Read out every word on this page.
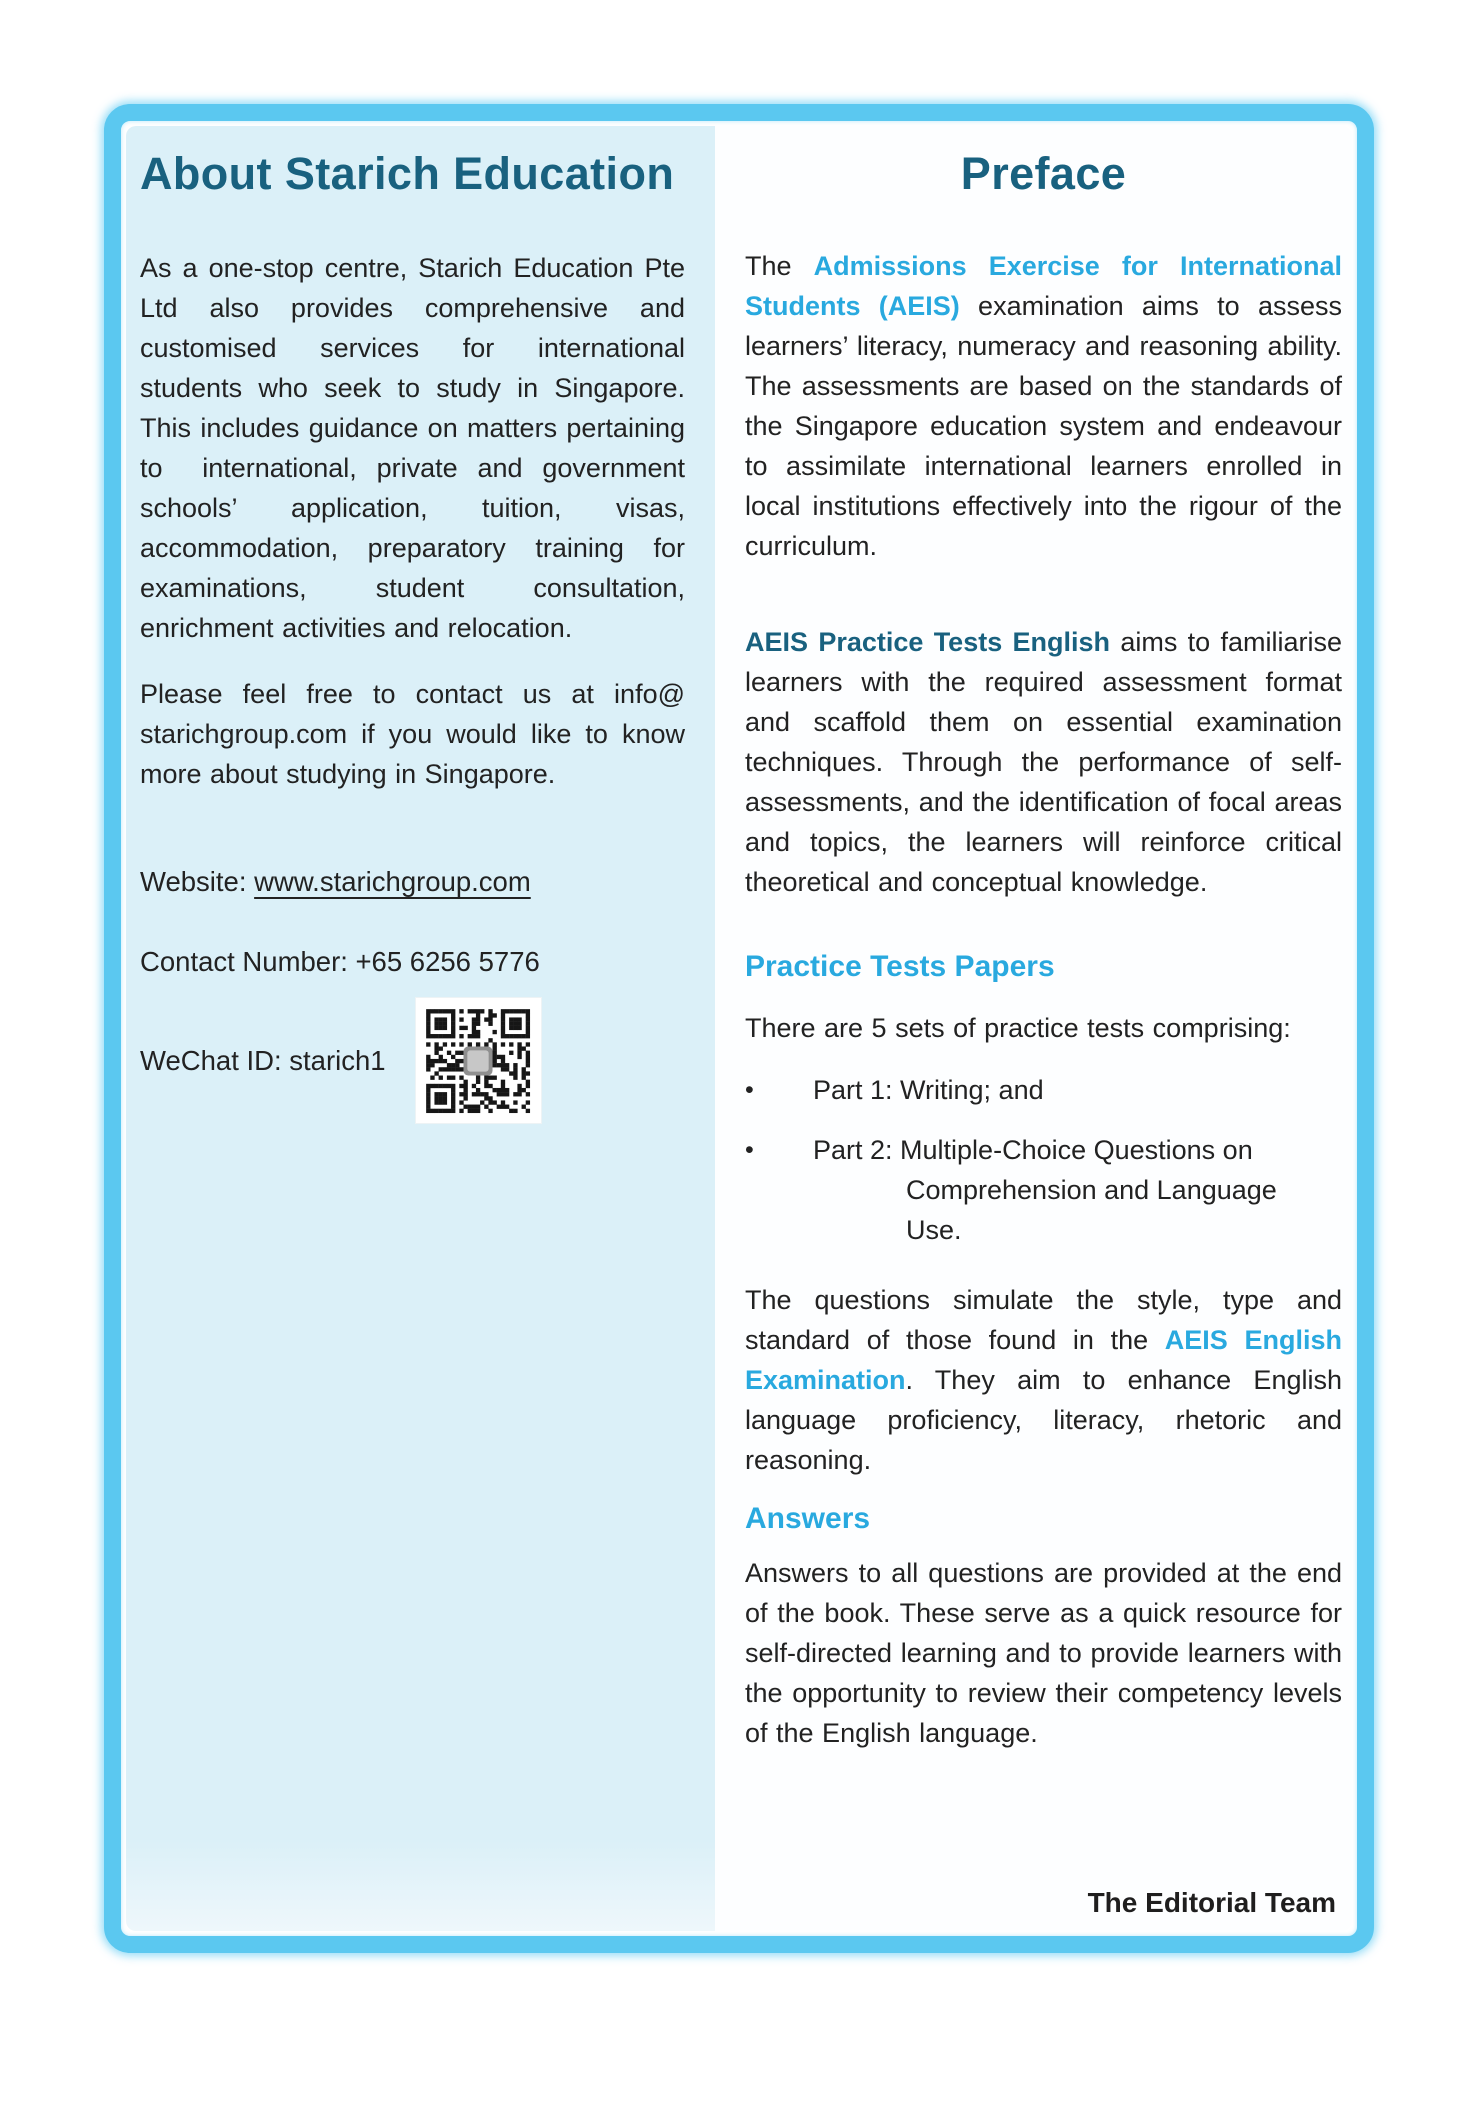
About Starich Education

As a one-stop centre, Starich Education Pte Ltd also provides comprehensive and customised services for international students who seek to study in Singapore. This includes guidance on matters pertaining to  international, private and government schools’ application, tuition, visas, accommodation, preparatory training for examinations, student consultation, enrichment activities and relocation.

Please feel free to contact us at info@ starichgroup.com if you would like to know more about studying in Singapore.

Website: www.starichgroup.com

Contact Number: +65 6256 5776

WeChat ID: starich1
Preface

The Admissions Exercise for International Students (AEIS) examination aims to assess learners’ literacy, numeracy and reasoning ability. The assessments are based on the standards of the Singapore education system and endeavour to assimilate international learners enrolled in local institutions effectively into the rigour of the curriculum.

AEIS Practice Tests English aims to familiarise learners with the required assessment format and scaffold them on essential examination techniques. Through the performance of self-assessments, and the identification of focal areas and topics, the learners will reinforce critical theoretical and conceptual knowledge.

Practice Tests Papers

There are 5 sets of practice tests comprising:

•	Part 1: Writing; and
•	Part 2: Multiple-Choice Questions on
Comprehension and Language
Use.

The questions simulate the style, type and standard of those found in the AEIS English Examination. They aim to enhance English language proficiency, literacy, rhetoric and reasoning.

Answers

Answers to all questions are provided at the end of the book. These serve as a quick resource for self-directed learning and to provide learners with the opportunity to review their competency levels of the English language.

The Editorial Team
